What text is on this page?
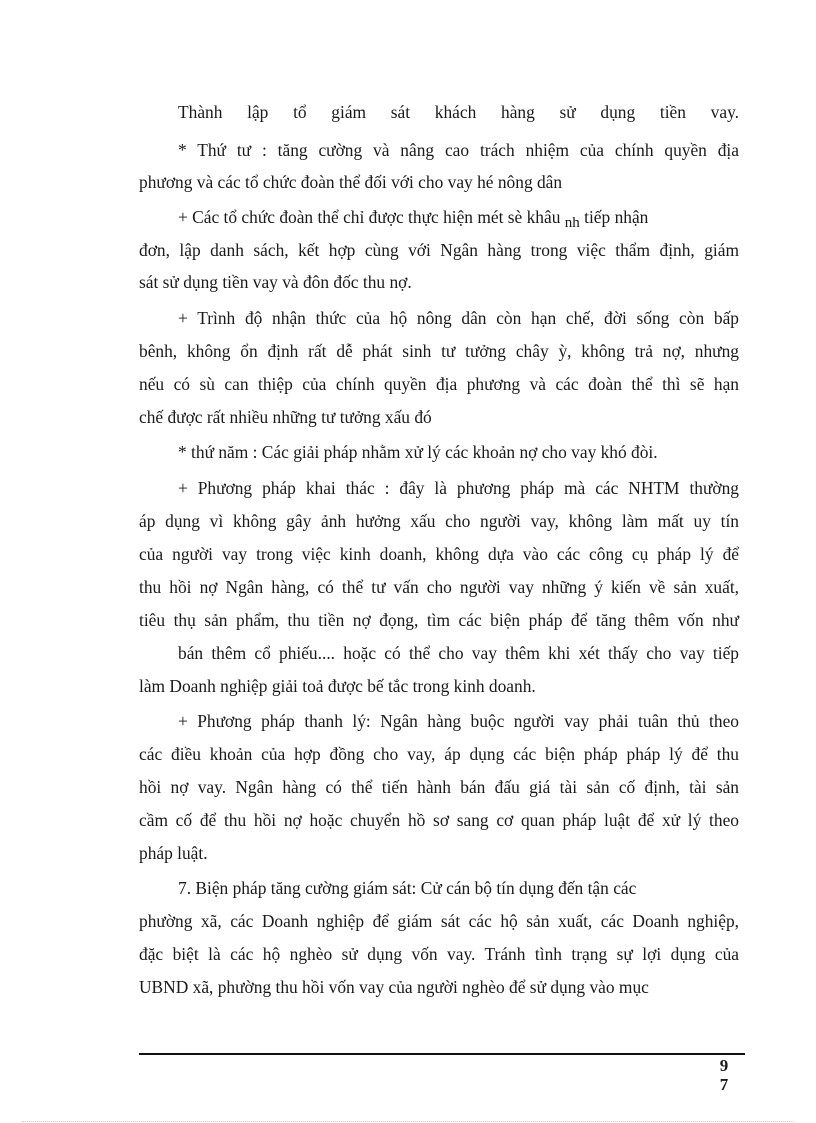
Thành lập tổ giám sát khách hàng sử dụng tiền vay.
* Thứ tư : tăng cường và nâng cao trách nhiệm của chính quyền địa
phương và các tổ chức đoàn thể đối với cho vay hé nông dân
+ Các tổ chức đoàn thể chỉ được thực hiện mét sè khâu nh tiếp nhận
đơn, lập danh sách, kết hợp cùng với Ngân hàng trong việc thẩm định, giám
sát sử dụng tiền vay và đôn đốc thu nợ.
+ Trình độ nhận thức của hộ nông dân còn hạn chế, đời sống còn bấp
bênh, không ổn định rất dễ phát sinh tư tưởng chây ỳ, không trả nợ, nhưng
nếu có sù can thiệp của chính quyền địa phương và các đoàn thể thì sẽ hạn
chế được rất nhiều những tư tưởng xấu đó
* thứ năm : Các giải pháp nhằm xử lý các khoản nợ cho vay khó đòi.
+ Phương pháp khai thác : đây là phương pháp mà các NHTM thường
áp dụng vì không gây ảnh hưởng xấu cho người vay, không làm mất uy tín
của người vay trong việc kinh doanh, không dựa vào các công cụ pháp lý để
thu hồi nợ Ngân hàng, có thể tư vấn cho người vay những ý kiến về sản xuất,
tiêu thụ sản phẩm, thu tiền nợ đọng, tìm các biện pháp để tăng thêm vốn như
bán thêm cổ phiếu.... hoặc có thể cho vay thêm khi xét thấy cho vay tiếp
làm Doanh nghiệp giải toả được bế tắc trong kinh doanh.
+ Phương pháp thanh lý: Ngân hàng buộc người vay phải tuân thủ theo
các điều khoản của hợp đồng cho vay, áp dụng các biện pháp pháp lý để thu
hồi nợ vay. Ngân hàng có thể tiến hành bán đấu giá tài sản cố định, tài sản
cầm cố để thu hồi nợ hoặc chuyển hồ sơ sang cơ quan pháp luật để xử lý theo
pháp luật.
7. Biện pháp tăng cường giám sát: Cử cán bộ tín dụng đến tận các
phường xã, các Doanh nghiệp để giám sát các hộ sản xuất, các Doanh nghiệp,
đặc biệt là các hộ nghèo sử dụng vốn vay. Tránh tình trạng sự lợi dụng của
UBND xã, phường thu hồi vốn vay của người nghèo để sử dụng vào mục
9
7
